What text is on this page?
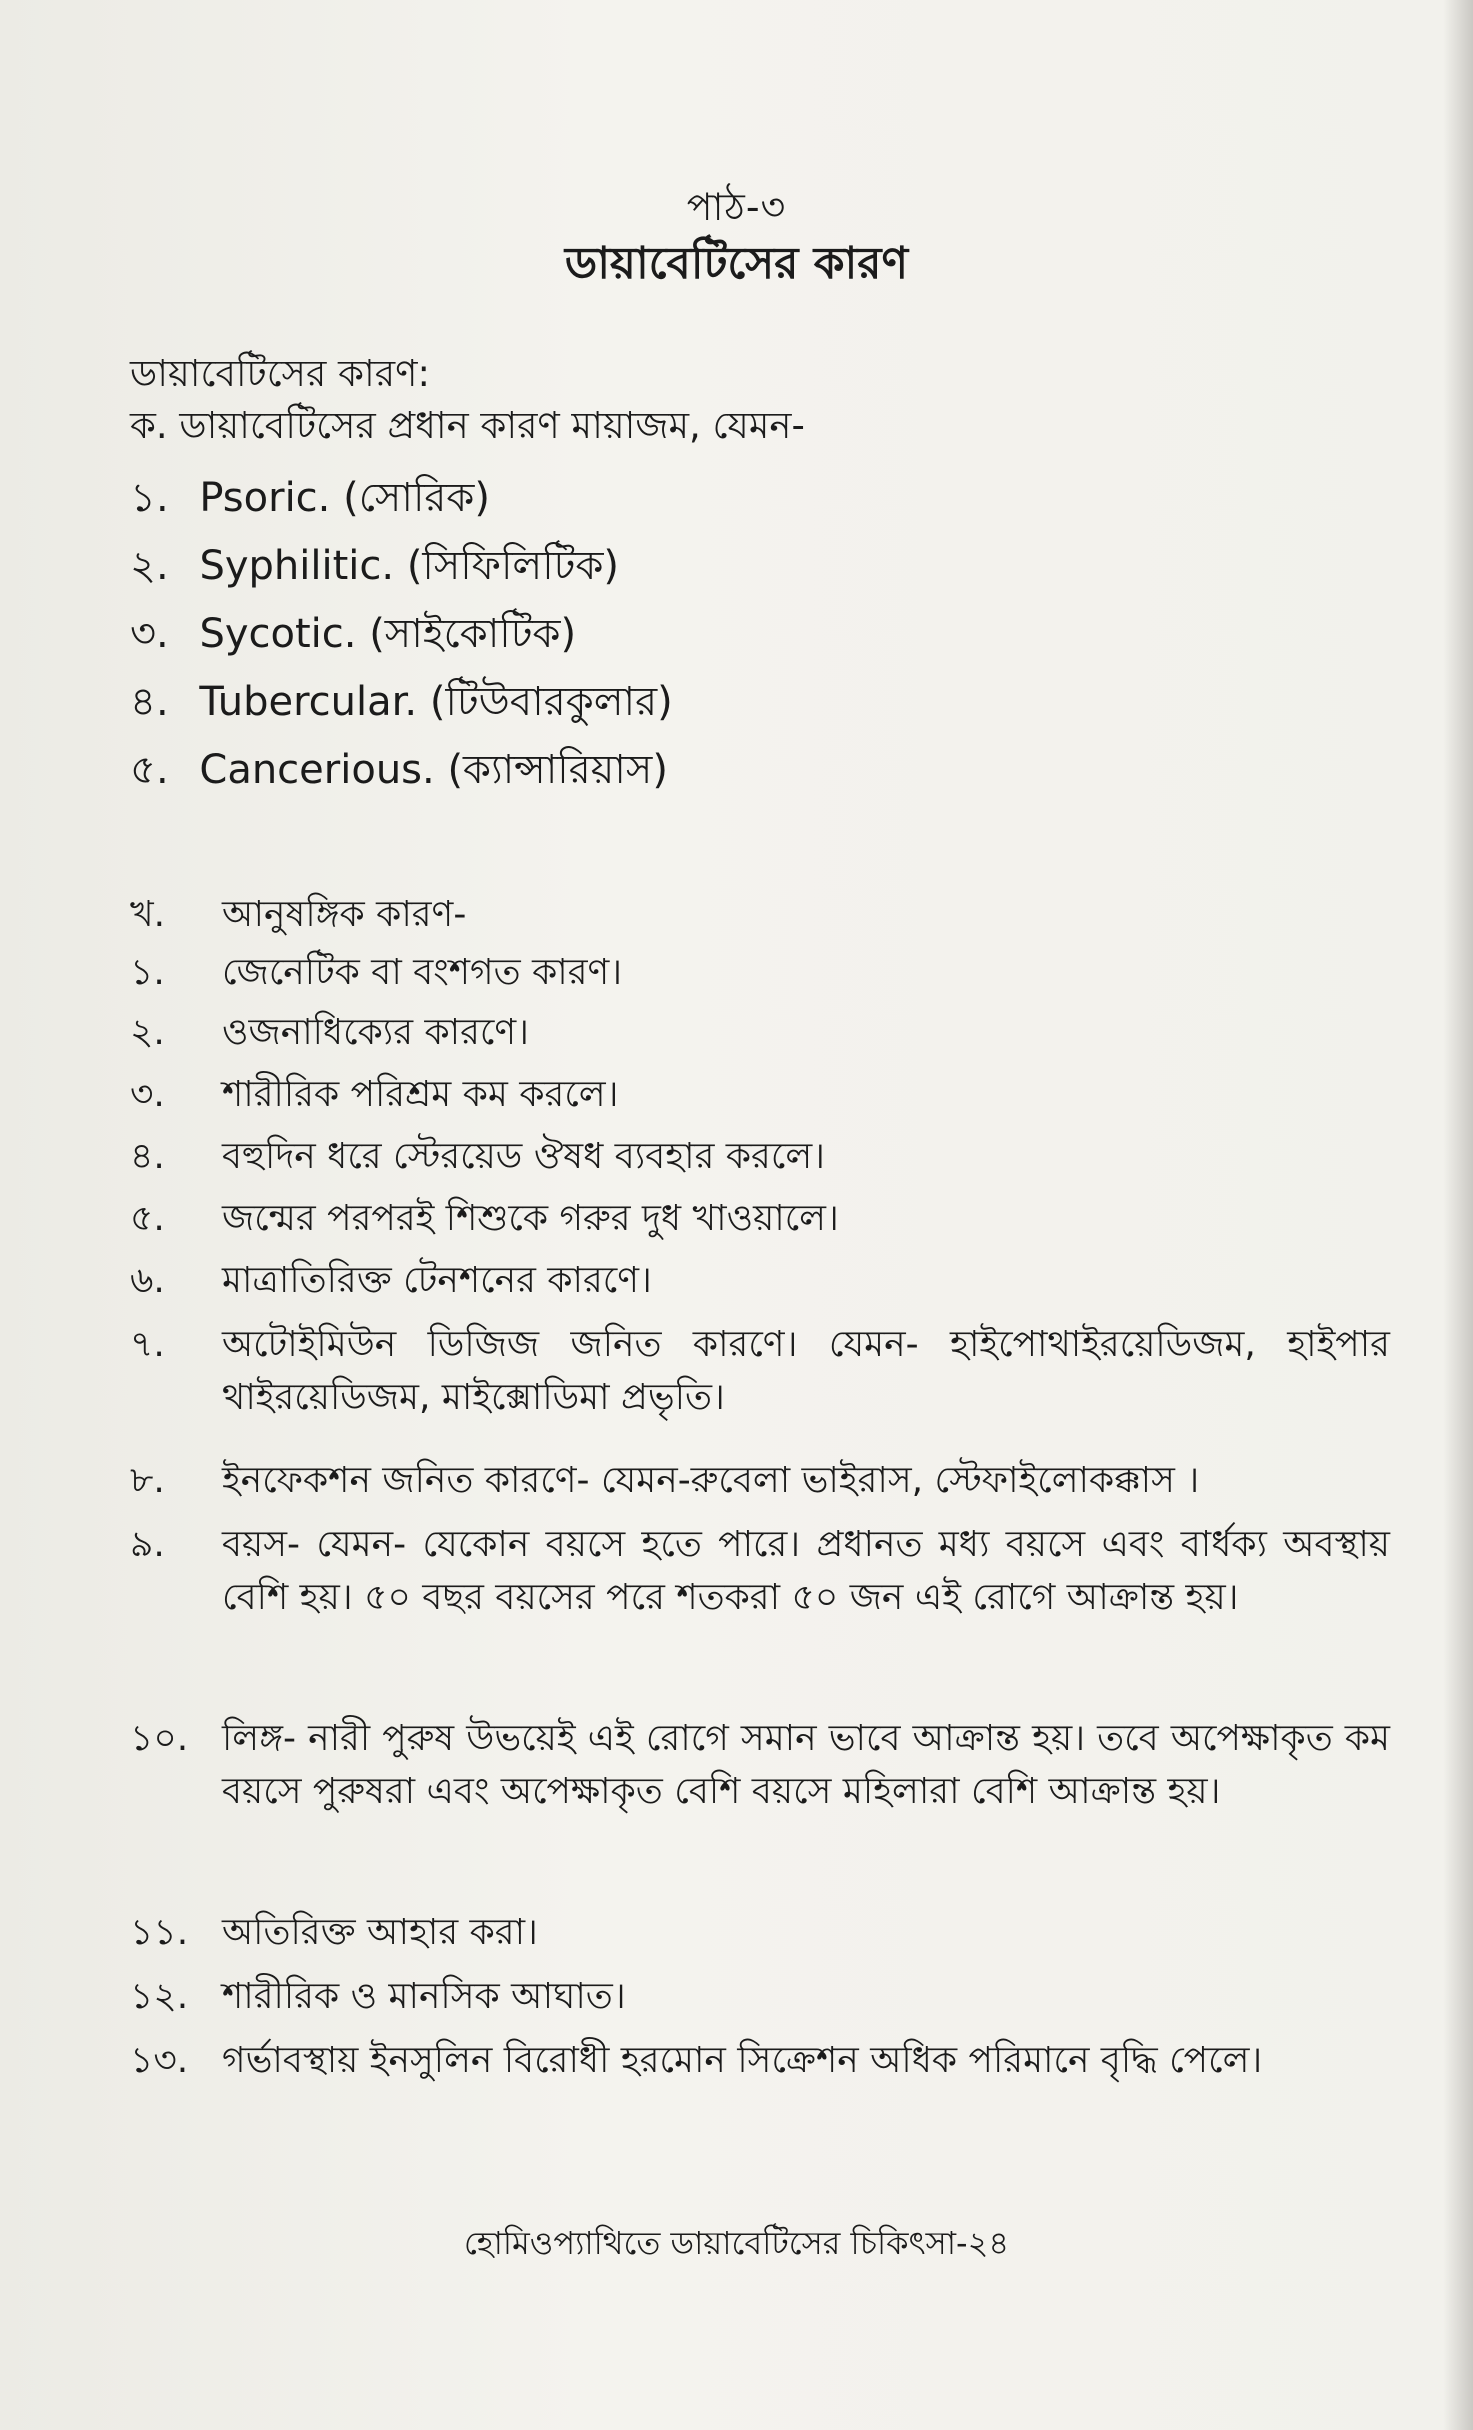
পাঠ-৩
ডায়াবেটিসের কারণ
ডায়াবেটিসের কারণ:
ক. ডায়াবেটিসের প্রধান কারণ মায়াজম, যেমন-
১. Psoric. (সোরিক)
২. Syphilitic. (সিফিলিটিক)
৩. Sycotic. (সাইকোটিক)
৪. Tubercular. (টিউবারকুলার)
৫. Cancerious. (ক্যান্সারিয়াস)
খ. আনুষঙ্গিক কারণ-
১. জেনেটিক বা বংশগত কারণ।
২. ওজনাধিক্যের কারণে।
৩. শারীরিক পরিশ্রম কম করলে।
৪. বহুদিন ধরে স্টেরয়েড ঔষধ ব্যবহার করলে।
৫. জন্মের পরপরই শিশুকে গরুর দুধ খাওয়ালে।
৬. মাত্রাতিরিক্ত টেনশনের কারণে।
৭. অটোইমিউন ডিজিজ জনিত কারণে। যেমন- হাইপোথাইরয়েডিজম, হাইপার থাইরয়েডিজম, মাইক্সোডিমা প্রভৃতি।
৮. ইনফেকশন জনিত কারণে- যেমন-রুবেলা ভাইরাস, স্টেফাইলোকক্কাস ।
৯. বয়স- যেমন- যেকোন বয়সে হতে পারে। প্রধানত মধ্য বয়সে এবং বার্ধক্য অবস্থায় বেশি হয়। ৫০ বছর বয়সের পরে শতকরা ৫০ জন এই রোগে আক্রান্ত হয়।
১০. লিঙ্গ- নারী পুরুষ উভয়েই এই রোগে সমান ভাবে আক্রান্ত হয়। তবে অপেক্ষাকৃত কম বয়সে পুরুষরা এবং অপেক্ষাকৃত বেশি বয়সে মহিলারা বেশি আক্রান্ত হয়।
১১. অতিরিক্ত আহার করা।
১২. শারীরিক ও মানসিক আঘাত।
১৩. গর্ভাবস্থায় ইনসুলিন বিরোধী হরমোন সিক্রেশন অধিক পরিমানে বৃদ্ধি পেলে।
হোমিওপ্যাথিতে ডায়াবেটিসের চিকিৎসা-২৪
